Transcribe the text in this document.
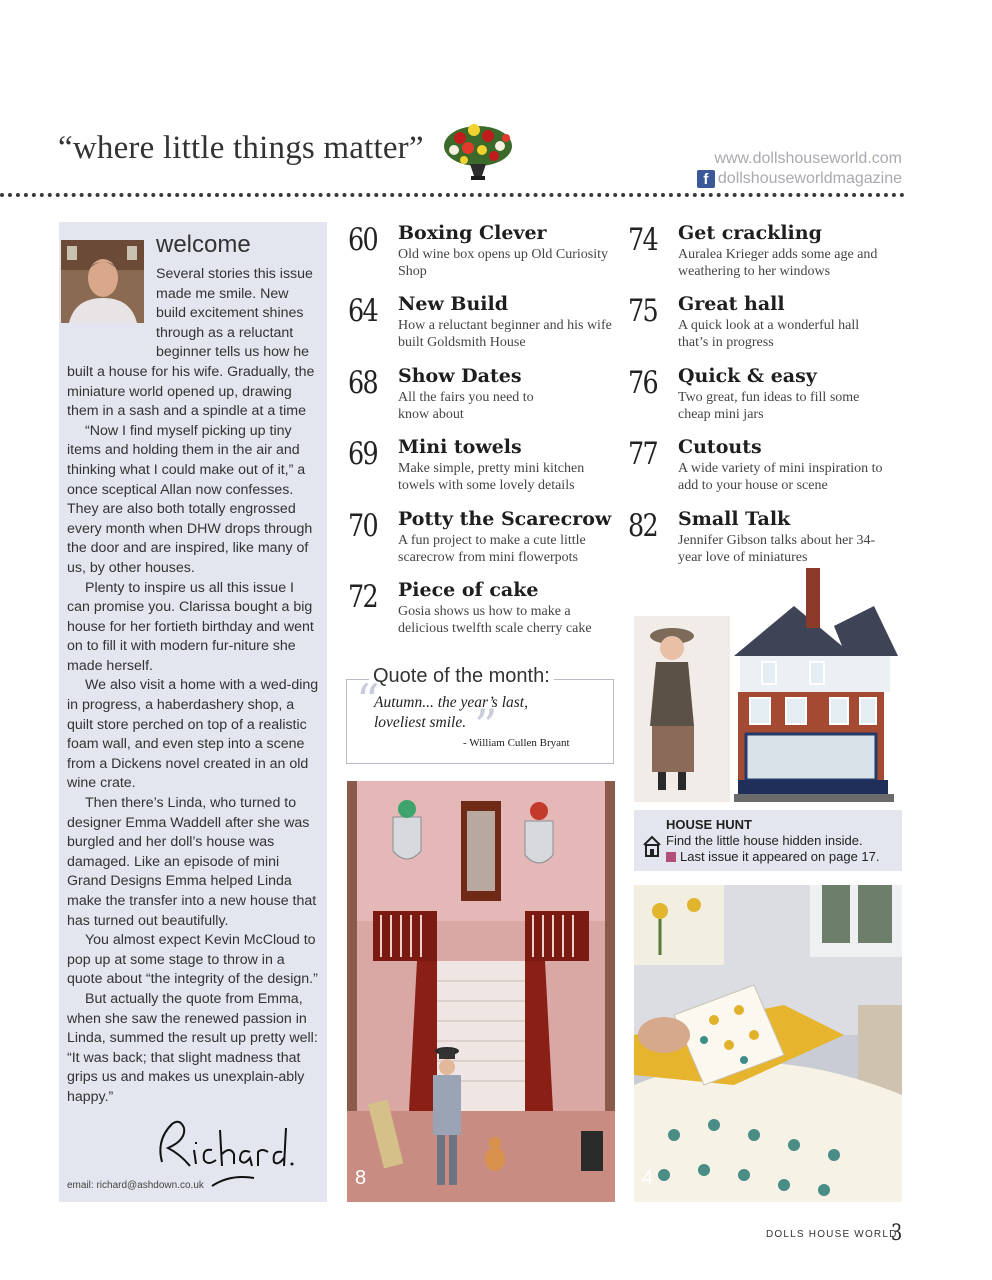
“where little things matter”	www.dollshouseworld.com
f dollshouseworldmagazine
welcome

Several stories this issue made me smile. New build excitement shines through as a reluctant beginner tells us how he built a house for his wife. Gradually, the miniature world opened up, drawing them in a sash and a spindle at a time

“Now I find myself picking up tiny items and holding them in the air and thinking what I could make out of it,” a once sceptical Allan now confesses. They are also both totally engrossed every month when DHW drops through the door and are inspired, like many of us, by other houses.

Plenty to inspire us all this issue I can promise you. Clarissa bought a big house for her fortieth birthday and went on to fill it with modern fur-niture she made herself.

We also visit a home with a wed-ding in progress, a haberdashery shop, a quilt store perched on top of a realistic foam wall, and even step into a scene from a Dickens novel created in an old wine crate.

Then there’s Linda, who turned to designer Emma Waddell after she was burgled and her doll’s house was damaged. Like an episode of mini Grand Designs Emma helped Linda make the transfer into a new house that has turned out beautifully.

You almost expect Kevin McCloud to pop up at some stage to throw in a quote about “the integrity of the design.”

But actually the quote from Emma, when she saw the renewed passion in Linda, summed the result up pretty well: “It was back; that slight madness that grips us and makes us unexplain-ably happy.”

email: richard@ashdown.co.uk
60 Boxing Clever
Old wine box opens up Old Curiosity Shop
64 New Build
How a reluctant beginner and his wife built Goldsmith House
68 Show Dates
All the fairs you need to know about
69 Mini towels
Make simple, pretty mini kitchen towels with some lovely details
70 Potty the Scarecrow
A fun project to make a cute little scarecrow from mini flowerpots
72 Piece of cake
Gosia shows us how to make a delicious twelfth scale cherry cake
74 Get crackling
Auralea Krieger adds some age and weathering to her windows
75 Great hall
A quick look at a wonderful hall that’s in progress
76 Quick & easy
Two great, fun ideas to fill some cheap mini jars
77 Cutouts
A wide variety of mini inspiration to add to your house or scene
82 Small Talk
Jennifer Gibson talks about her 34-year love of miniatures
Quote of the month:
“ ”
Autumn... the year’s last, loveliest smile.
- William Cullen Bryant
8
HOUSE HUNT
Find the little house hidden inside.
Last issue it appeared on page 17.
4
DOLLS HOUSE WORLD
3
